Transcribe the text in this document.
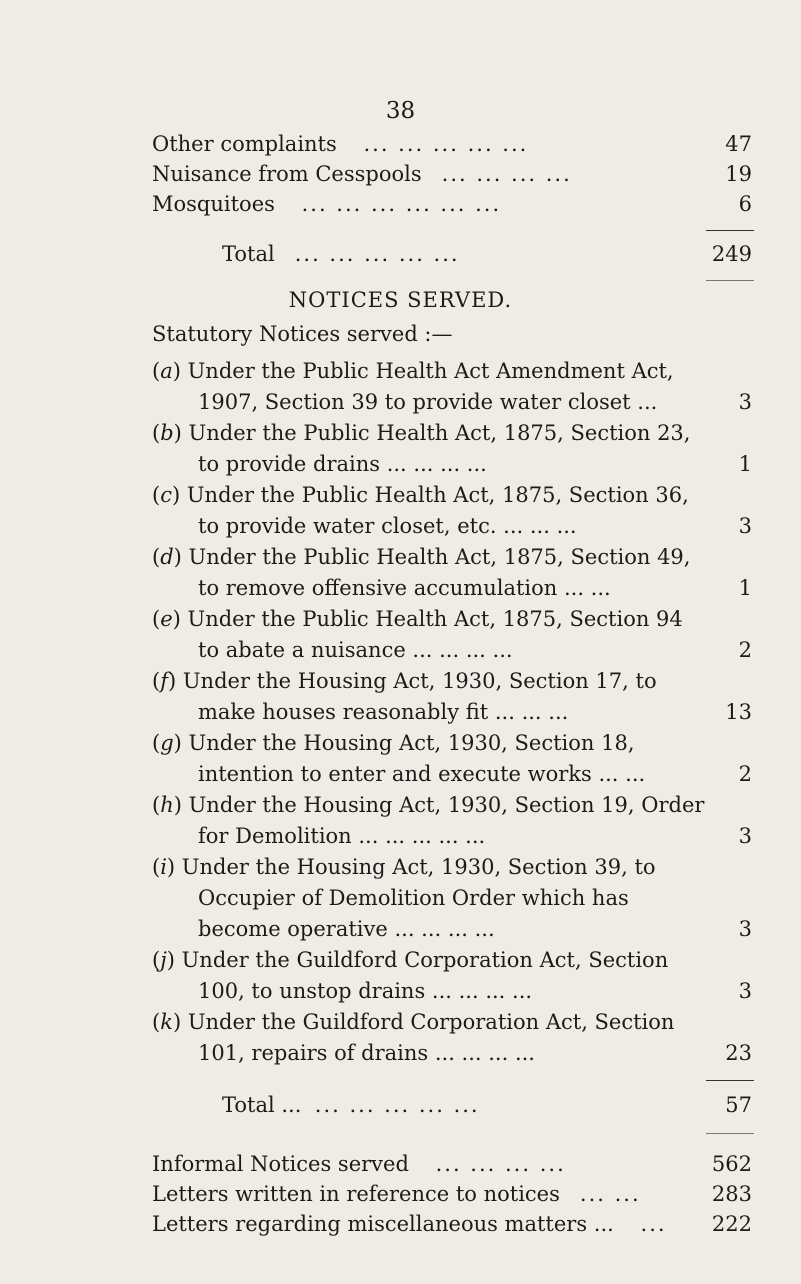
38
Other complaints ... ... ... ... ...	47
Nuisance from Cesspools ... ... ... ...	19
Mosquitoes ... ... ... ... ... ...	6
Total ... ... ... ... ...	249
NOTICES SERVED.
Statutory Notices served :—
(a) Under the Public Health Act Amendment Act,
1907, Section 39 to provide water closet ...	3
(b) Under the Public Health Act, 1875, Section 23,
to provide drains ... ... ... ...	1
(c) Under the Public Health Act, 1875, Section 36,
to provide water closet, etc. ... ... ...	3
(d) Under the Public Health Act, 1875, Section 49,
to remove offensive accumulation ... ...	1
(e) Under the Public Health Act, 1875, Section 94
to abate a nuisance ... ... ... ...	2
(f) Under the Housing Act, 1930, Section 17, to
make houses reasonably fit ... ... ...	13
(g) Under the Housing Act, 1930, Section 18,
intention to enter and execute works ... ...	2
(h) Under the Housing Act, 1930, Section 19, Order
for Demolition ... ... ... ... ...	3
(i) Under the Housing Act, 1930, Section 39, to
Occupier of Demolition Order which has
become operative ... ... ... ...	3
(j) Under the Guildford Corporation Act, Section
100, to unstop drains ... ... ... ...	3
(k) Under the Guildford Corporation Act, Section
101, repairs of drains ... ... ... ...	23
Total ... ... ... ... ... ...	57
Informal Notices served ... ... ... ...	562
Letters written in reference to notices ... ...	283
Letters regarding miscellaneous matters ... ... 222
